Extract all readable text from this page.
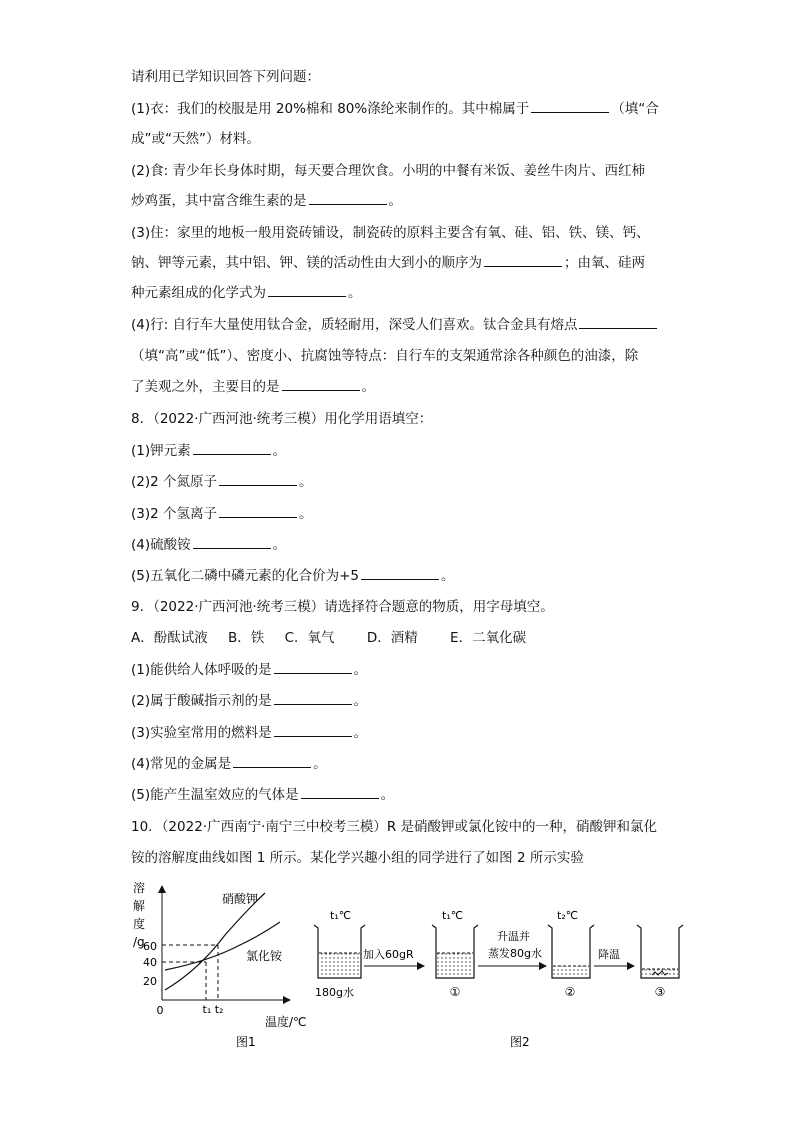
请利用已学知识回答下列问题：
(1)衣：我们的校服是用 20%棉和 80%涤纶来制作的。其中棉属于	（填“合
成”或“天然”）材料。
(2)食: 青少年长身体时期，每天要合理饮食。小明的中餐有米饭、姜丝牛肉片、西红柿
炒鸡蛋，其中富含维生素的是	。
(3)住：家里的地板一般用瓷砖铺设，制瓷砖的原料主要含有氧、硅、铝、铁、镁、钙、
钠、钾等元素，其中铝、钾、镁的活动性由大到小的顺序为	；由氧、硅两
种元素组成的化学式为	。
(4)行: 自行车大量使用钛合金，质轻耐用，深受人们喜欢。钛合金具有熔点
（填“高”或“低”）、密度小、抗腐蚀等特点：自行车的支架通常涂各种颜色的油漆，除
了美观之外，主要目的是	。
8．（2022·广西河池·统考三模）用化学用语填空：
(1)钾元素	。
(2)2 个氮原子	。
(3)2 个氢离子	。
(4)硫酸铵	。
(5)五氧化二磷中磷元素的化合价为+5	。
9．（2022·广西河池·统考三模）请选择符合题意的物质，用字母填空。
A．酚酞试液 B．铁 C．氧气 D．酒精 E．二氧化碳
(1)能供给人体呼吸的是	。
(2)属于酸碱指示剂的是	。
(3)实验室常用的燃料是	。
(4)常见的金属是	。
(5)能产生温室效应的气体是	。
10．（2022·广西南宁·南宁三中校考三模）R 是硝酸钾或氯化铵中的一种，硝酸钾和氯化
铵的溶解度曲线如图 1 所示。某化学兴趣小组的同学进行了如图 2 所示实验
溶
解
度
/g
60
40
20
0	t₁ t₂
硝酸钾
氯化铵
温度/℃
图1
t₁℃
180g水
加入60gR
t₁℃
①
升温并
蒸发80g水
t₂℃
②
降温
③
图2
